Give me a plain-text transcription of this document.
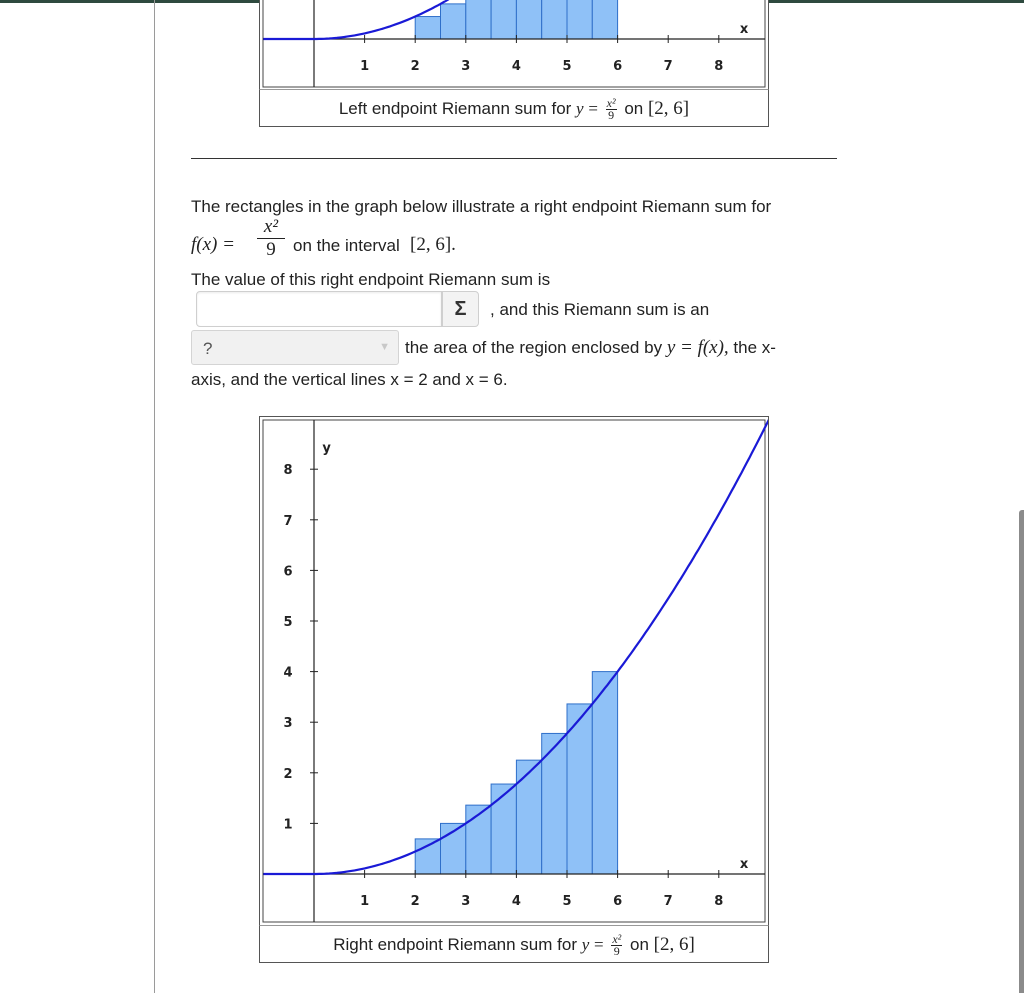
1	2	3	4	5	6	7	8
x
Left endpoint Riemann sum for $y = \frac{\text{x²}}{9}$ on [2, 6]
The rectangles in the graph below illustrate a right endpoint Riemann sum for
$f(x) = \frac{\text{x²}}{9}$ on the interval [2, 6].
The value of this right endpoint Riemann sum is
Σ	, and this Riemann sum is an
?	▼ the area of the region enclosed by y = f(x), the x-
axis, and the vertical lines x = 2 and x = 6.
1	2	3	4	5	6	7	8
x
1
2
3
4
5
6
7
8
y
Right endpoint Riemann sum for $y = \frac{\text{x²}}{9}$ on [2, 6]
